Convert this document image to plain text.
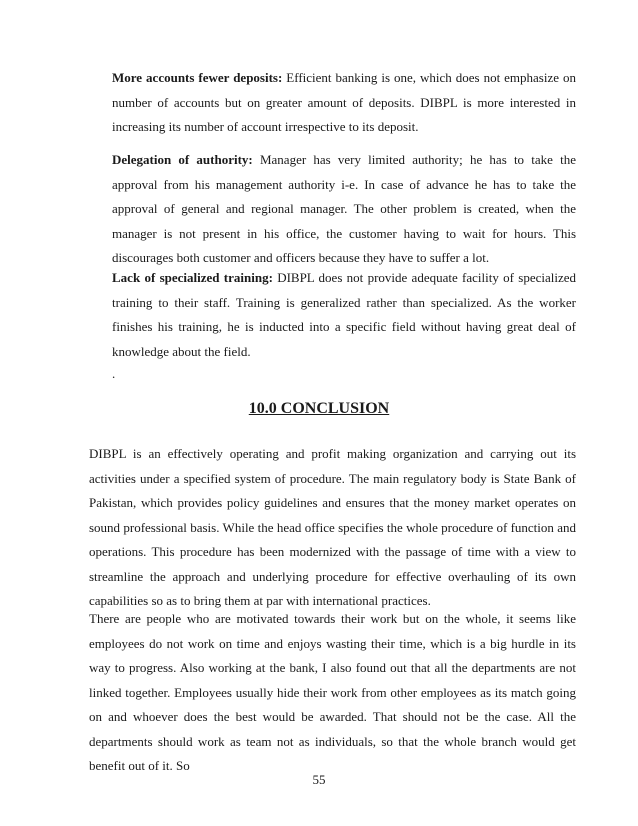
More accounts fewer deposits: Efficient banking is one, which does not emphasize on number of accounts but on greater amount of deposits. DIBPL is more interested in increasing its number of account irrespective to its deposit.

Delegation of authority: Manager has very limited authority; he has to take the approval from his management authority i-e. In case of advance he has to take the approval of general and regional manager. The other problem is created, when the manager is not present in his office, the customer having to wait for hours. This discourages both customer and officers because they have to suffer a lot.

Lack of specialized training: DIBPL does not provide adequate facility of specialized training to their staff. Training is generalized rather than specialized. As the worker finishes his training, he is inducted into a specific field without having great deal of knowledge about the field.

.
10.0 CONCLUSION

DIBPL is an effectively operating and profit making organization and carrying out its activities under a specified system of procedure. The main regulatory body is State Bank of Pakistan, which provides policy guidelines and ensures that the money market operates on sound professional basis. While the head office specifies the whole procedure of function and operations. This procedure has been modernized with the passage of time with a view to streamline the approach and underlying procedure for effective overhauling of its own capabilities so as to bring them at par with international practices.

There are people who are motivated towards their work but on the whole, it seems like employees do not work on time and enjoys wasting their time, which is a big hurdle in its way to progress. Also working at the bank, I also found out that all the departments are not linked together. Employees usually hide their work from other employees as its match going on and whoever does the best would be awarded. That should not be the case. All the departments should work as team not as individuals, so that the whole branch would get benefit out of it. So

55
